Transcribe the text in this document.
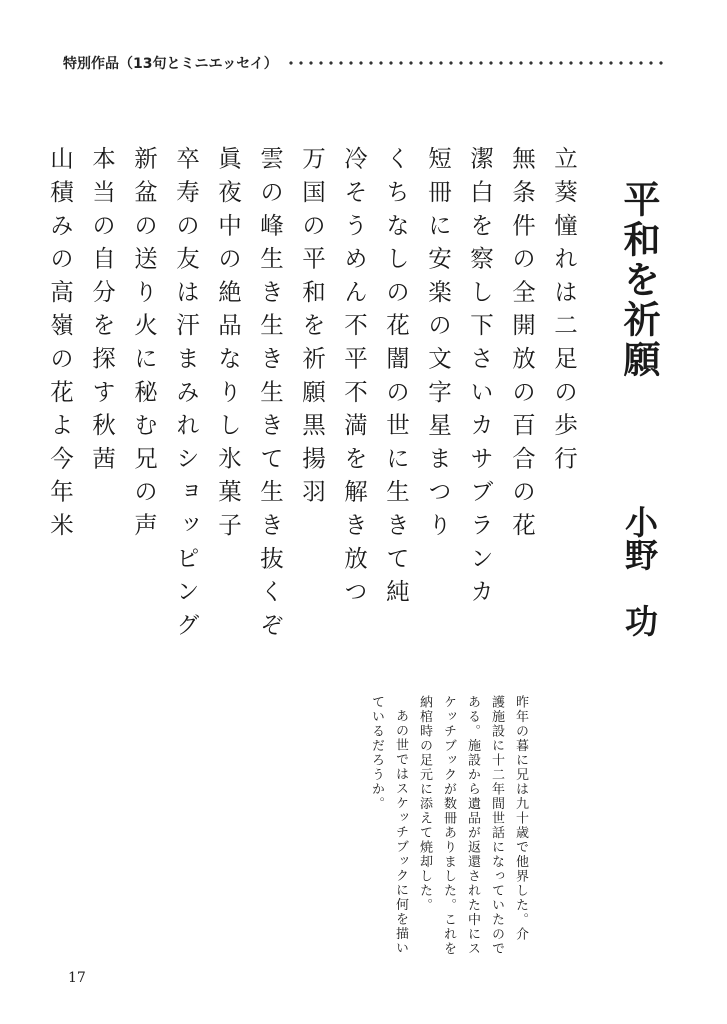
特別作品（13句とミニエッセイ）
平和を祈願
小野　功
立葵憧れは二足の歩行
無条件の全開放の百合の花
潔白を察し下さいカサブランカ
短冊に安楽の文字星まつり
くちなしの花闇の世に生きて純
冷そうめん不平不満を解き放つ
万国の平和を祈願黒揚羽
雲の峰生き生き生きて生き抜くぞ
眞夜中の絶品なりし氷菓子
卒寿の友は汗まみれショッピング
新盆の送り火に秘む兄の声
本当の自分を探す秋茜
山積みの高嶺の花よ今年米
昨年の暮に兄は九十歳で他界した。介
護施設に十二年間世話になっていたので
ある。施設から遺品が返還された中にス
ケッチブックが数冊ありました。これを
納棺時の足元に添えて焼却した。
あの世ではスケッチブックに何を描い
ているだろうか。
17
